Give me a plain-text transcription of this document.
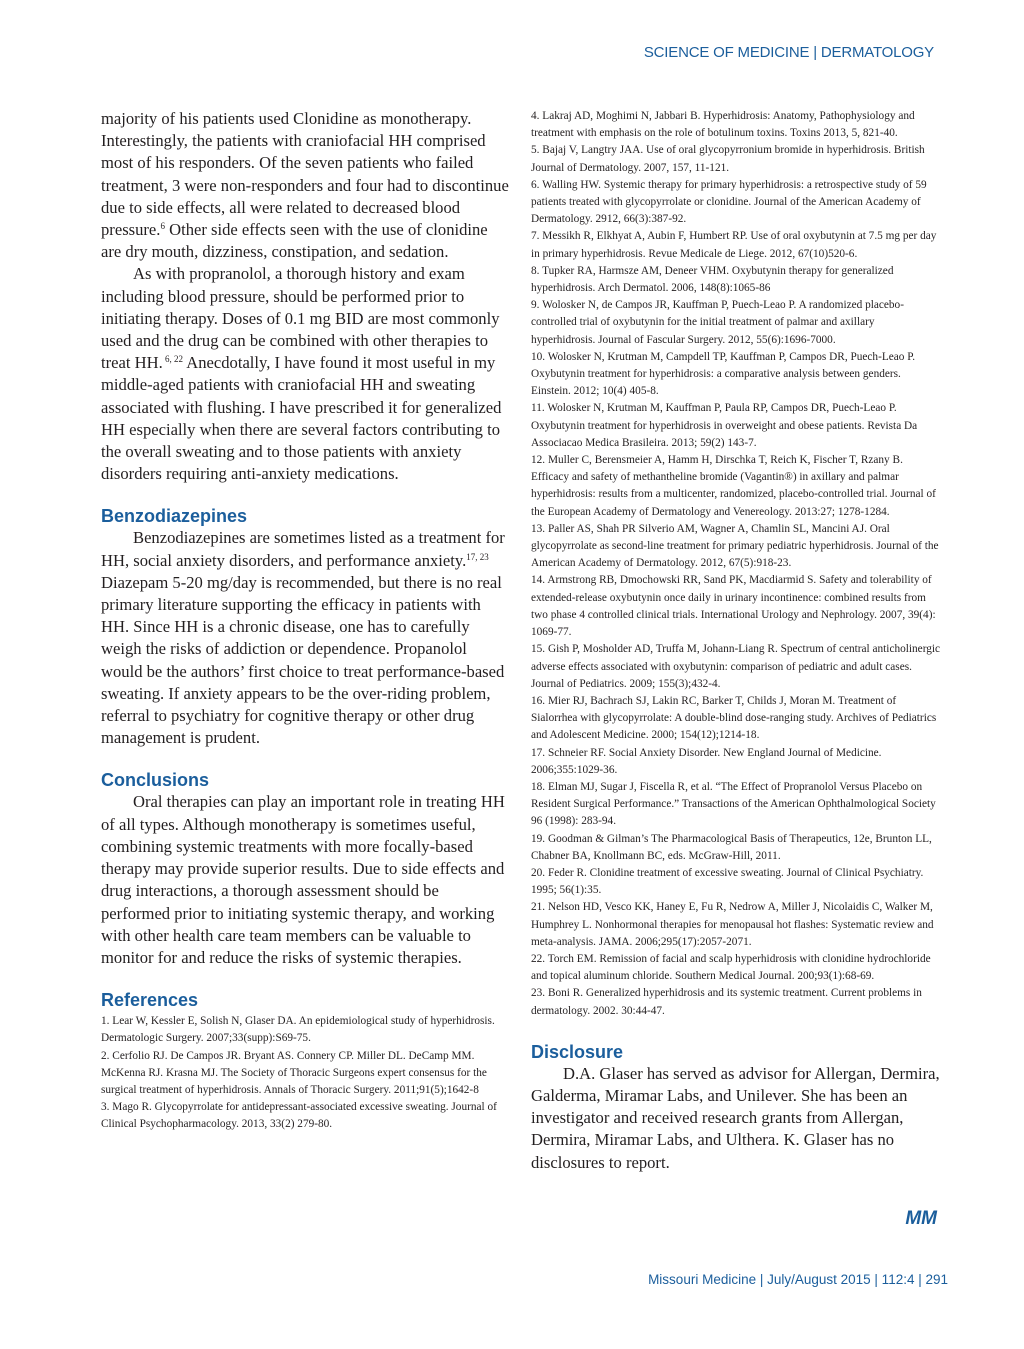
SCIENCE OF MEDICINE | DERMATOLOGY

majority of his patients used Clonidine as monotherapy. Interestingly, the patients with craniofacial HH comprised most of his responders. Of the seven patients who failed treatment, 3 were non-responders and four had to discontinue due to side effects, all were related to decreased blood pressure.$^6$ Other side effects seen with the use of clonidine are dry mouth, dizziness, constipation, and sedation.

As with propranolol, a thorough history and exam including blood pressure, should be performed prior to initiating therapy. Doses of 0.1 mg BID are most commonly used and the drug can be combined with other therapies to treat HH. $^{6, 22}$ Anecdotally, I have found it most useful in my middle-aged patients with craniofacial HH and sweating associated with flushing. I have prescribed it for generalized HH especially when there are several factors contributing to the overall sweating and to those patients with anxiety disorders requiring anti-anxiety medications.

Benzodiazepines

Benzodiazepines are sometimes listed as a treatment for HH, social anxiety disorders, and performance anxiety.$^{17, 23}$ Diazepam 5-20 mg/day is recommended, but there is no real primary literature supporting the efficacy in patients with HH. Since HH is a chronic disease, one has to carefully weigh the risks of addiction or dependence. Propanolol would be the authors’ first choice to treat performance-based sweating. If anxiety appears to be the over-riding problem, referral to psychiatry for cognitive therapy or other drug management is prudent.

Conclusions

Oral therapies can play an important role in treating HH of all types. Although monotherapy is sometimes useful, combining systemic treatments with more focally-based therapy may provide superior results. Due to side effects and drug interactions, a thorough assessment should be performed prior to initiating systemic therapy, and working with other health care team members can be valuable to monitor for and reduce the risks of systemic therapies.

References
1. Lear W, Kessler E, Solish N, Glaser DA. An epidemiological study of hyperhidrosis. Dermatologic Surgery. 2007;33(supp):S69-75.
2. Cerfolio RJ. De Campos JR. Bryant AS. Connery CP. Miller DL. DeCamp MM. McKenna RJ. Krasna MJ. The Society of Thoracic Surgeons expert consensus for the surgical treatment of hyperhidrosis. Annals of Thoracic Surgery. 2011;91(5);1642-8
3. Mago R. Glycopyrrolate for antidepressant-associated excessive sweating. Journal of Clinical Psychopharmacology. 2013, 33(2) 279-80.
4. Lakraj AD, Moghimi N, Jabbari B. Hyperhidrosis: Anatomy, Pathophysiology and treatment with emphasis on the role of botulinum toxins. Toxins 2013, 5, 821-40.
5. Bajaj V, Langtry JAA. Use of oral glycopyrronium bromide in hyperhidrosis. British Journal of Dermatology. 2007, 157, 11-121.
6. Walling HW. Systemic therapy for primary hyperhidrosis: a retrospective study of 59 patients treated with glycopyrrolate or clonidine. Journal of the American Academy of Dermatology. 2912, 66(3):387-92.
7. Messikh R, Elkhyat A, Aubin F, Humbert RP. Use of oral oxybutynin at 7.5 mg per day in primary hyperhidrosis. Revue Medicale de Liege. 2012, 67(10)520-6.
8. Tupker RA, Harmsze AM, Deneer VHM. Oxybutynin therapy for generalized hyperhidrosis. Arch Dermatol. 2006, 148(8):1065-86
9. Wolosker N, de Campos JR, Kauffman P, Puech-Leao P. A randomized placebo-controlled trial of oxybutynin for the initial treatment of palmar and axillary hyperhidrosis. Journal of Fascular Surgery. 2012, 55(6):1696-7000.
10. Wolosker N, Krutman M, Campdell TP, Kauffman P, Campos DR, Puech-Leao P. Oxybutynin treatment for hyperhidrosis: a comparative analysis between genders. Einstein. 2012; 10(4) 405-8.
11. Wolosker N, Krutman M, Kauffman P, Paula RP, Campos DR, Puech-Leao P. Oxybutynin treatment for hyperhidrosis in overweight and obese patients. Revista Da Associacao Medica Brasileira. 2013; 59(2) 143-7.
12. Muller C, Berensmeier A, Hamm H, Dirschka T, Reich K, Fischer T, Rzany B. Efficacy and safety of methantheline bromide (Vagantin®) in axillary and palmar hyperhidrosis: results from a multicenter, randomized, placebo-controlled trial. Journal of the European Academy of Dermatology and Venereology. 2013:27; 1278-1284.
13. Paller AS, Shah PR Silverio AM, Wagner A, Chamlin SL, Mancini AJ. Oral glycopyrrolate as second-line treatment for primary pediatric hyperhidrosis. Journal of the American Academy of Dermatology. 2012, 67(5):918-23.
14. Armstrong RB, Dmochowski RR, Sand PK, Macdiarmid S. Safety and tolerability of extended-release oxybutynin once daily in urinary incontinence: combined results from two phase 4 controlled clinical trials. International Urology and Nephrology. 2007, 39(4): 1069-77.
15. Gish P, Mosholder AD, Truffa M, Johann-Liang R. Spectrum of central anticholinergic adverse effects associated with oxybutynin: comparison of pediatric and adult cases. Journal of Pediatrics. 2009; 155(3);432-4.
16. Mier RJ, Bachrach SJ, Lakin RC, Barker T, Childs J, Moran M. Treatment of Sialorrhea with glycopyrrolate: A double-blind dose-ranging study. Archives of Pediatrics and Adolescent Medicine. 2000; 154(12);1214-18.
17. Schneier RF. Social Anxiety Disorder. New England Journal of Medicine. 2006;355:1029-36.
18. Elman MJ, Sugar J, Fiscella R, et al. “The Effect of Propranolol Versus Placebo on Resident Surgical Performance.” Transactions of the American Ophthalmological Society 96 (1998): 283-94.
19. Goodman & Gilman’s The Pharmacological Basis of Therapeutics, 12e, Brunton LL, Chabner BA, Knollmann BC, eds. McGraw-Hill, 2011.
20. Feder R. Clonidine treatment of excessive sweating. Journal of Clinical Psychiatry. 1995; 56(1):35.
21. Nelson HD, Vesco KK, Haney E, Fu R, Nedrow A, Miller J, Nicolaidis C, Walker M, Humphrey L. Nonhormonal therapies for menopausal hot flashes: Systematic review and meta-analysis. JAMA. 2006;295(17):2057-2071.
22. Torch EM. Remission of facial and scalp hyperhidrosis with clonidine hydrochloride and topical aluminum chloride. Southern Medical Journal. 200;93(1):68-69.
23. Boni R. Generalized hyperhidrosis and its systemic treatment. Current problems in dermatology. 2002. 30:44-47.
Disclosure

D.A. Glaser has served as advisor for Allergan, Dermira, Galderma, Miramar Labs, and Unilever. She has been an investigator and received research grants from Allergan, Dermira, Miramar Labs, and Ulthera. K. Glaser has no disclosures to report.

MM
Missouri Medicine | July/August 2015 | 112:4 | 291
